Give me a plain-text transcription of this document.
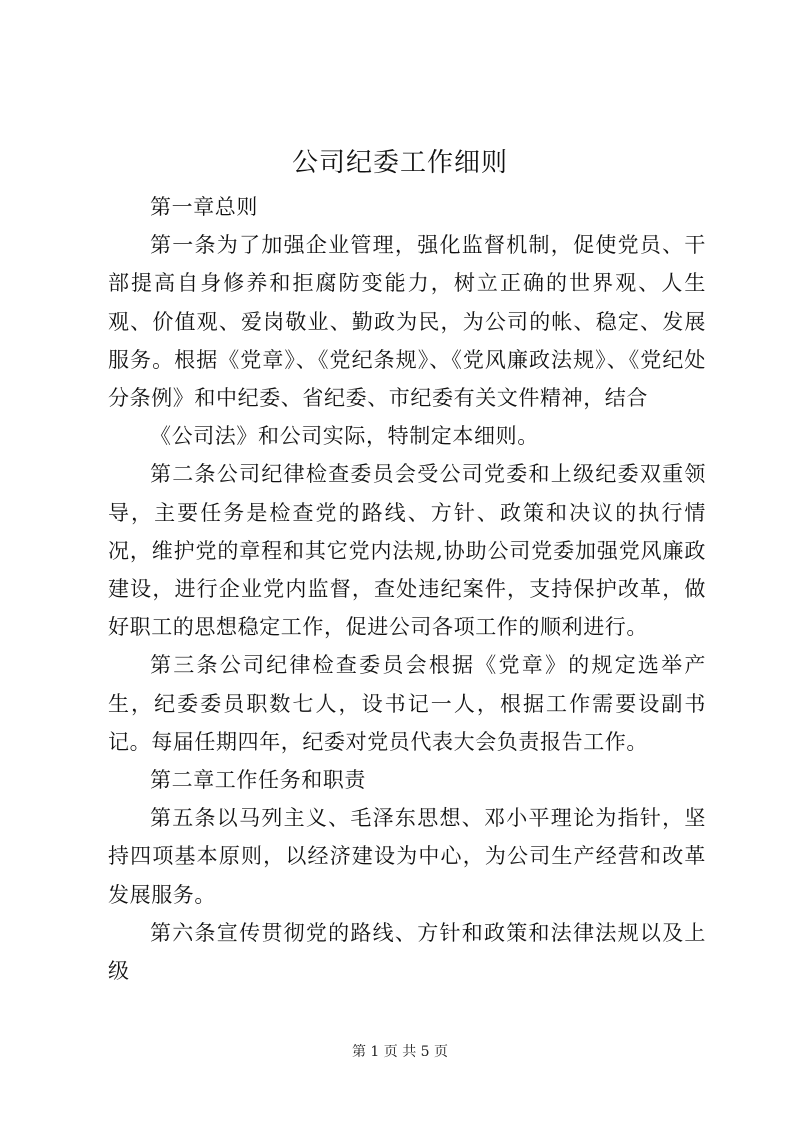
公司纪委工作细则

第一章总则

第一条为了加强企业管理，强化监督机制，促使党员、干部提高自身修养和拒腐防变能力，树立正确的世界观、人生观、价值观、爱岗敬业、勤政为民，为公司的帐、稳定、发展服务。根据《党章》、《党纪条规》、《党风廉政法规》、《党纪处分条例》和中纪委、省纪委、市纪委有关文件精神，结合

《公司法》和公司实际，特制定本细则。

第二条公司纪律检查委员会受公司党委和上级纪委双重领导，主要任务是检查党的路线、方针、政策和决议的执行情况，维护党的章程和其它党内法规,协助公司党委加强党风廉政建设，进行企业党内监督，查处违纪案件，支持保护改革，做好职工的思想稳定工作，促进公司各项工作的顺利进行。

第三条公司纪律检查委员会根据《党章》的规定选举产生，纪委委员职数七人，设书记一人，根据工作需要设副书记。每届任期四年，纪委对党员代表大会负责报告工作。

第二章工作任务和职责

第五条以马列主义、毛泽东思想、邓小平理论为指针，坚持四项基本原则，以经济建设为中心，为公司生产经营和改革发展服务。

第六条宣传贯彻党的路线、方针和政策和法律法规以及上级

第 1 页 共 5 页
